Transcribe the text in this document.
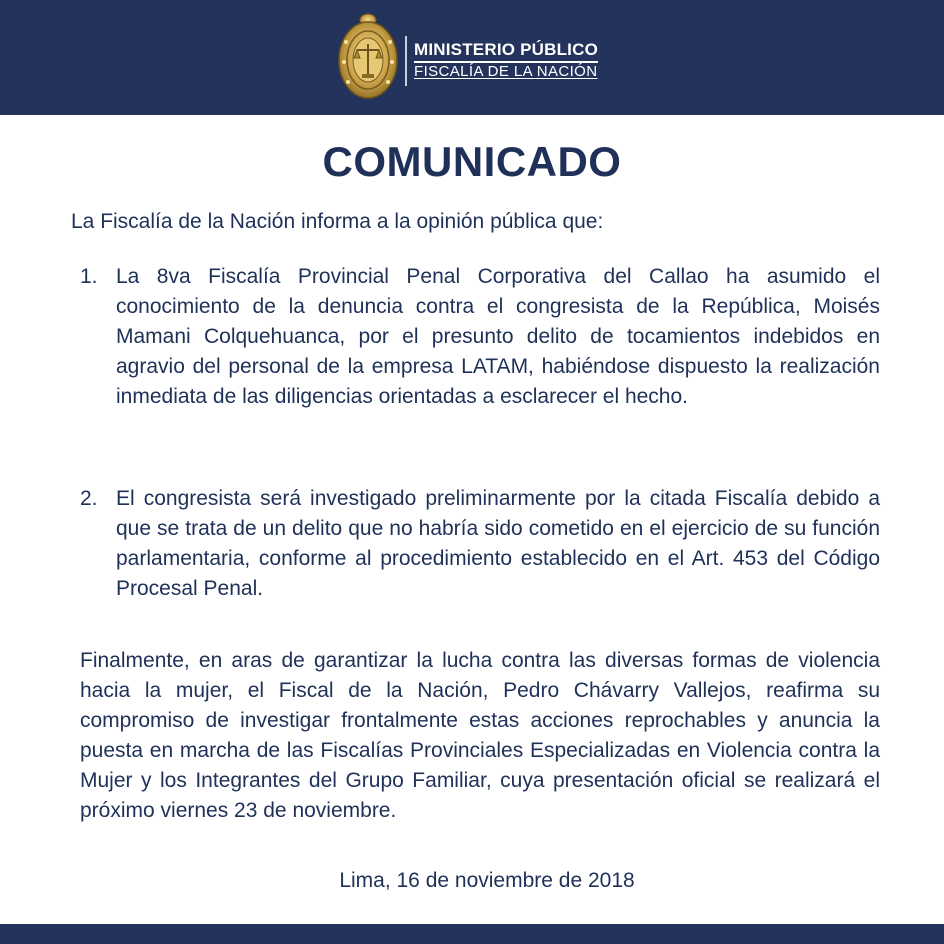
MINISTERIO PÚBLICO
FISCALÍA DE LA NACIÓN
COMUNICADO
La Fiscalía de la Nación informa a la opinión pública que:
1. La 8va Fiscalía Provincial Penal Corporativa del Callao ha asumido el conocimiento de la denuncia contra el congresista de la República, Moisés Mamani Colquehuanca, por el presunto delito de tocamientos indebidos en agravio del personal de la empresa LATAM, habiéndose dispuesto la realización inmediata de las diligencias orientadas a esclarecer el hecho.
2. El congresista será investigado preliminarmente por la citada Fiscalía debido a que se trata de un delito que no habría sido cometido en el ejercicio de su función parlamentaria, conforme al procedimiento establecido en el Art. 453 del Código Procesal Penal.
Finalmente, en aras de garantizar la lucha contra las diversas formas de violencia hacia la mujer, el Fiscal de la Nación, Pedro Chávarry Vallejos, reafirma su compromiso de investigar frontalmente estas acciones reprochables y anuncia la puesta en marcha de las Fiscalías Provinciales Especializadas en Violencia contra la Mujer y los Integrantes del Grupo Familiar, cuya presentación oficial se realizará el próximo viernes 23 de noviembre.
Lima, 16 de noviembre de 2018
